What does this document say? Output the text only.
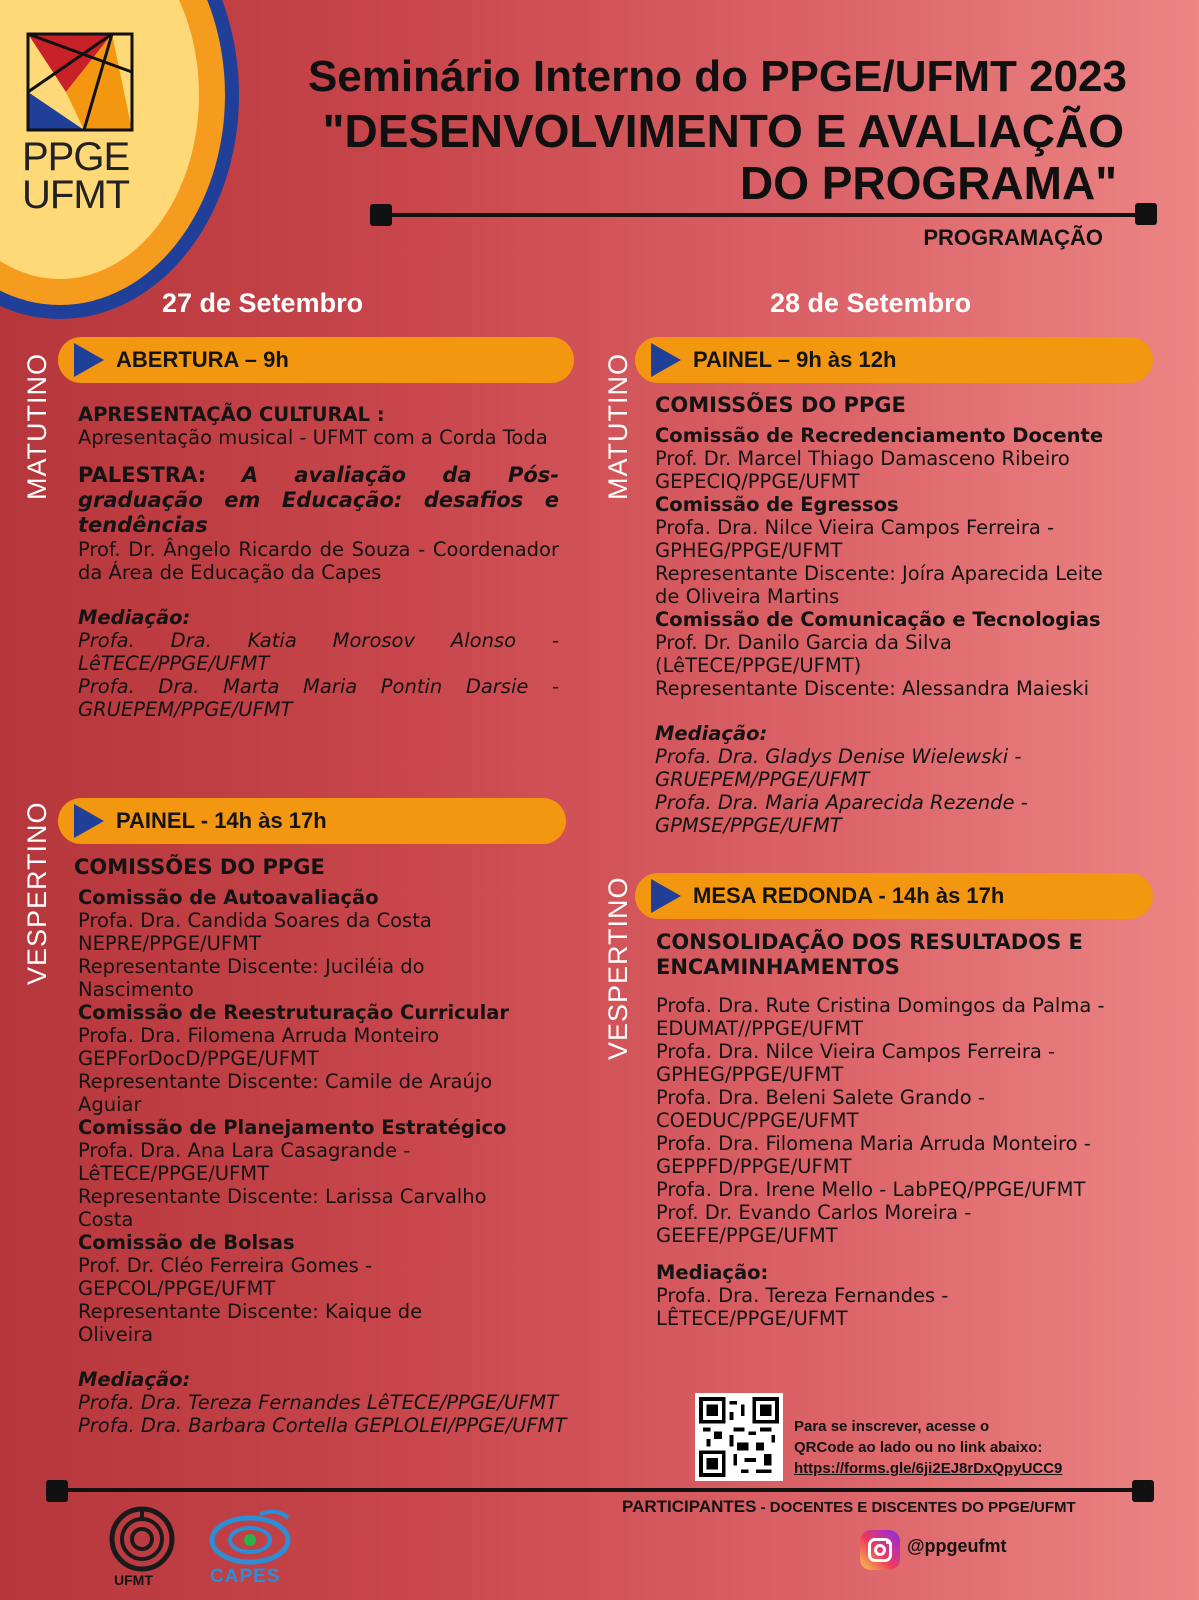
PPGE
UFMT
Seminário Interno do PPGE/UFMT 2023
"DESENVOLVIMENTO E AVALIAÇÃO
DO PROGRAMA"
PROGRAMAÇÃO
27 de Setembro	28 de Setembro
MATUTINO
VESPERTINO
MATUTINO
VESPERTINO
ABERTURA – 9h
APRESENTAÇÃO CULTURAL :
Apresentação musical - UFMT com a Corda Toda
PALESTRA: A avaliação da Pós-graduação em Educação: desafios e tendências
Prof. Dr. Ângelo Ricardo de Souza - Coordenador da Área de Educação da Capes
Mediação:
Profa. Dra. Katia Morosov Alonso - LêTECE/PPGE/UFMT
Profa. Dra. Marta Maria Pontin Darsie - GRUEPEM/PPGE/UFMT
PAINEL - 14h às 17h
COMISSÕES DO PPGE
Comissão de Autoavaliação
Profa. Dra. Candida Soares da Costa
NEPRE/PPGE/UFMT
Representante Discente: Juciléia do
Nascimento
Comissão de Reestruturação Curricular
Profa. Dra. Filomena Arruda Monteiro
GEPForDocD/PPGE/UFMT
Representante Discente: Camile de Araújo
Aguiar
Comissão de Planejamento Estratégico
Profa. Dra. Ana Lara Casagrande -
LêTECE/PPGE/UFMT
Representante Discente: Larissa Carvalho
Costa
Comissão de Bolsas
Prof. Dr. Cléo Ferreira Gomes -
GEPCOL/PPGE/UFMT
Representante Discente: Kaique de
Oliveira
Mediação:
Profa. Dra. Tereza Fernandes LêTECE/PPGE/UFMT
Profa. Dra. Barbara Cortella GEPLOLEI/PPGE/UFMT
PAINEL – 9h às 12h
COMISSÕES DO PPGE
Comissão de Recredenciamento Docente
Prof. Dr. Marcel Thiago Damasceno Ribeiro
GEPECIQ/PPGE/UFMT
Comissão de Egressos
Profa. Dra. Nilce Vieira Campos Ferreira -
GPHEG/PPGE/UFMT
Representante Discente: Joíra Aparecida Leite
de Oliveira Martins
Comissão de Comunicação e Tecnologias
Prof. Dr. Danilo Garcia da Silva
(LêTECE/PPGE/UFMT)
Representante Discente: Alessandra Maieski
Mediação:
Profa. Dra. Gladys Denise Wielewski -
GRUEPEM/PPGE/UFMT
Profa. Dra. Maria Aparecida Rezende -
GPMSE/PPGE/UFMT
MESA REDONDA - 14h às 17h
CONSOLIDAÇÃO DOS RESULTADOS E
ENCAMINHAMENTOS
Profa. Dra. Rute Cristina Domingos da Palma -
EDUMAT//PPGE/UFMT
Profa. Dra. Nilce Vieira Campos Ferreira -
GPHEG/PPGE/UFMT
Profa. Dra. Beleni Salete Grando -
COEDUC/PPGE/UFMT
Profa. Dra. Filomena Maria Arruda Monteiro -
GEPPFD/PPGE/UFMT
Profa. Dra. Irene Mello - LabPEQ/PPGE/UFMT
Prof. Dr. Evando Carlos Moreira -
GEEFE/PPGE/UFMT
Mediação:
Profa. Dra. Tereza Fernandes -
LÊTECE/PPGE/UFMT
Para se inscrever, acesse o
QRCode ao lado ou no link abaixo:
https://forms.gle/6ji2EJ8rDxQpyUCC9
PARTICIPANTES - DOCENTES E DISCENTES DO PPGE/UFMT
@ppgeufmt
UFMT	CAPES
